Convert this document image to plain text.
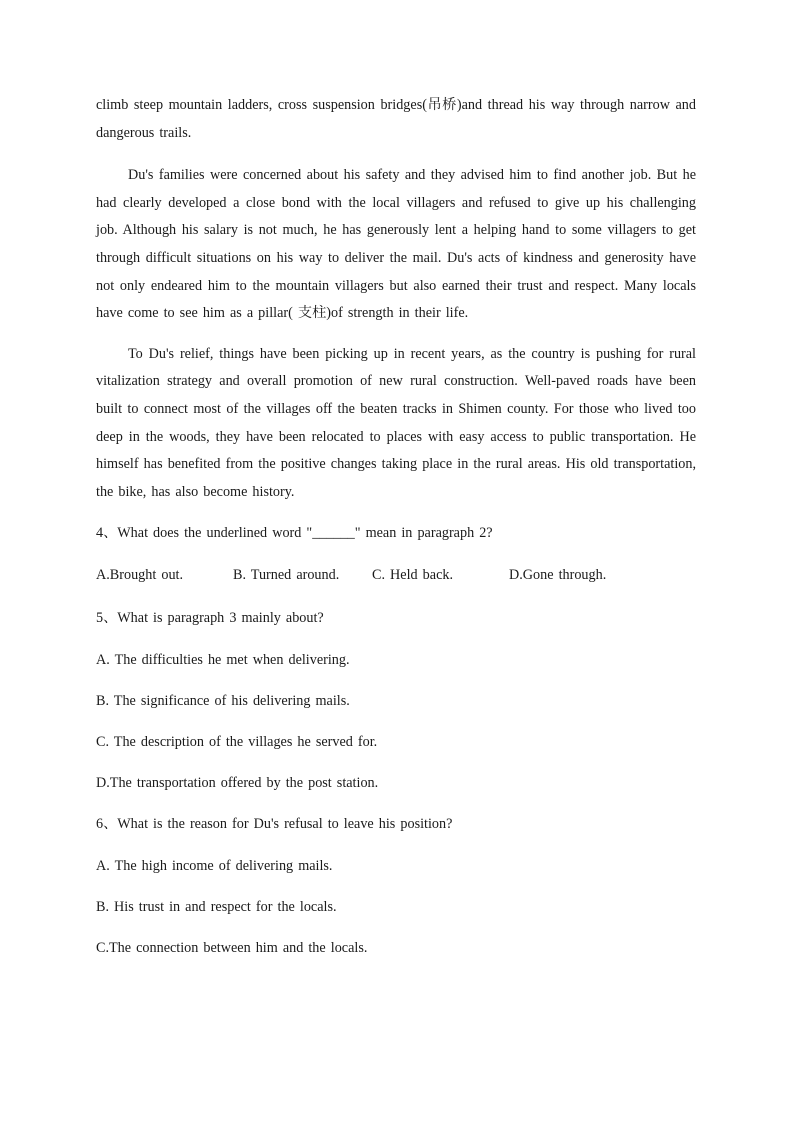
climb steep mountain ladders, cross suspension bridges(吊桥)and thread his way through narrow and dangerous trails.

Du's families were concerned about his safety and they advised him to find another job. But he had clearly developed a close bond with the local villagers and refused to give up his challenging job. Although his salary is not much, he has generously lent a helping hand to some villagers to get through difficult situations on his way to deliver the mail. Du's acts of kindness and generosity have not only endeared him to the mountain villagers but also earned their trust and respect. Many locals have come to see him as a pillar( 支柱)of strength in their life.

To Du's relief, things have been picking up in recent years, as the country is pushing for rural vitalization strategy and overall promotion of new rural construction. Well-paved roads have been built to connect most of the villages off the beaten tracks in Shimen county. For those who lived too deep in the woods, they have been relocated to places with easy access to public transportation. He himself has benefited from the positive changes taking place in the rural areas. His old transportation, the bike, has also become history.

4、What does the underlined word "______" mean in paragraph 2?

A.Brought out.	B. Turned around.	C. Held back.	D.Gone through.

5、What is paragraph 3 mainly about?

A. The difficulties he met when delivering.

B. The significance of his delivering mails.

C. The description of the villages he served for.

D.The transportation offered by the post station.

6、What is the reason for Du's refusal to leave his position?

A. The high income of delivering mails.

B. His trust in and respect for the locals.

C.The connection between him and the locals.
